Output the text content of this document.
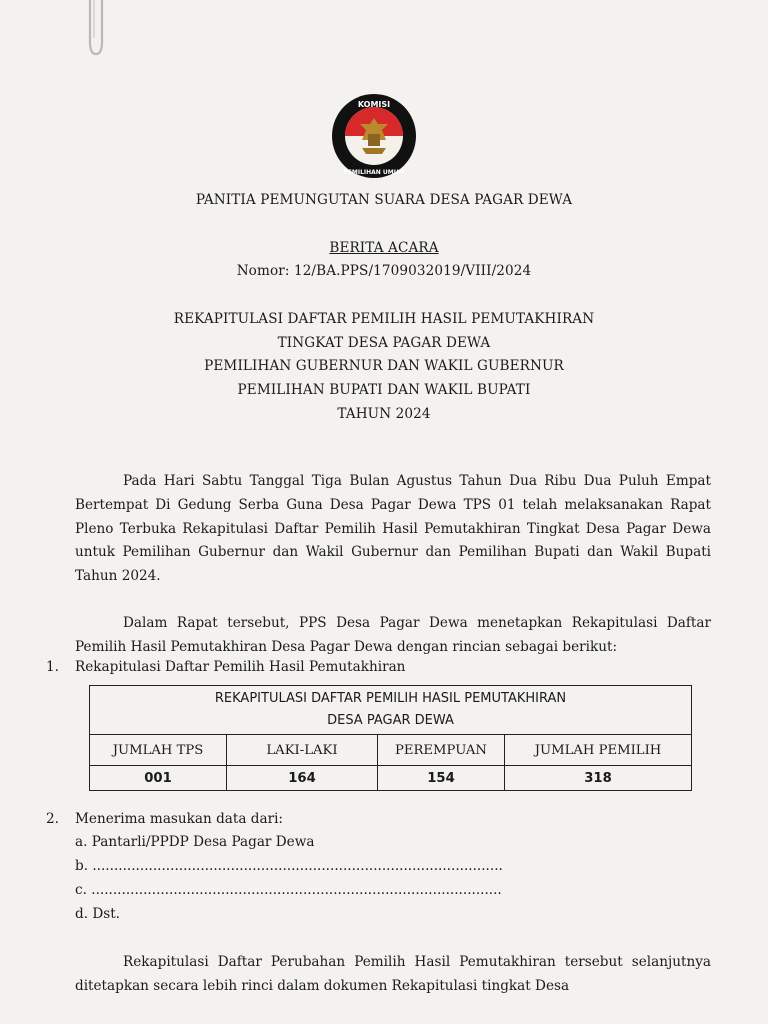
KOMISI
PEMILIHAN UMUM
PANITIA PEMUNGUTAN SUARA DESA PAGAR DEWA
BERITA ACARA
Nomor: 12/BA.PPS/1709032019/VIII/2024
REKAPITULASI DAFTAR PEMILIH HASIL PEMUTAKHIRAN
TINGKAT DESA PAGAR DEWA
PEMILIHAN GUBERNUR DAN WAKIL GUBERNUR
PEMILIHAN BUPATI DAN WAKIL BUPATI
TAHUN 2024
Pada Hari Sabtu Tanggal Tiga Bulan Agustus Tahun Dua Ribu Dua Puluh Empat Bertempat Di Gedung Serba Guna Desa Pagar Dewa TPS 01 telah melaksanakan Rapat Pleno Terbuka Rekapitulasi Daftar Pemilih Hasil Pemutakhiran Tingkat Desa Pagar Dewa untuk Pemilihan Gubernur dan Wakil Gubernur dan Pemilihan Bupati dan Wakil Bupati Tahun 2024.
Dalam Rapat tersebut, PPS Desa Pagar Dewa menetapkan Rekapitulasi Daftar Pemilih Hasil Pemutakhiran Desa Pagar Dewa dengan rincian sebagai berikut:
1. Rekapitulasi Daftar Pemilih Hasil Pemutakhiran
REKAPITULASI DAFTAR PEMILIH HASIL PEMUTAKHIRAN
DESA PAGAR DEWA			

JUMLAH TPS	LAKI-LAKI	PEREMPUAN	JUMLAH PEMILIH
001	164	154	318
2. Menerima masukan data dari:
a. Pantarli/PPDP Desa Pagar Dewa
b. ...............................................................................................
c. ...............................................................................................
d. Dst.
Rekapitulasi Daftar Perubahan Pemilih Hasil Pemutakhiran tersebut selanjutnya ditetapkan secara lebih rinci dalam dokumen Rekapitulasi tingkat Desa
